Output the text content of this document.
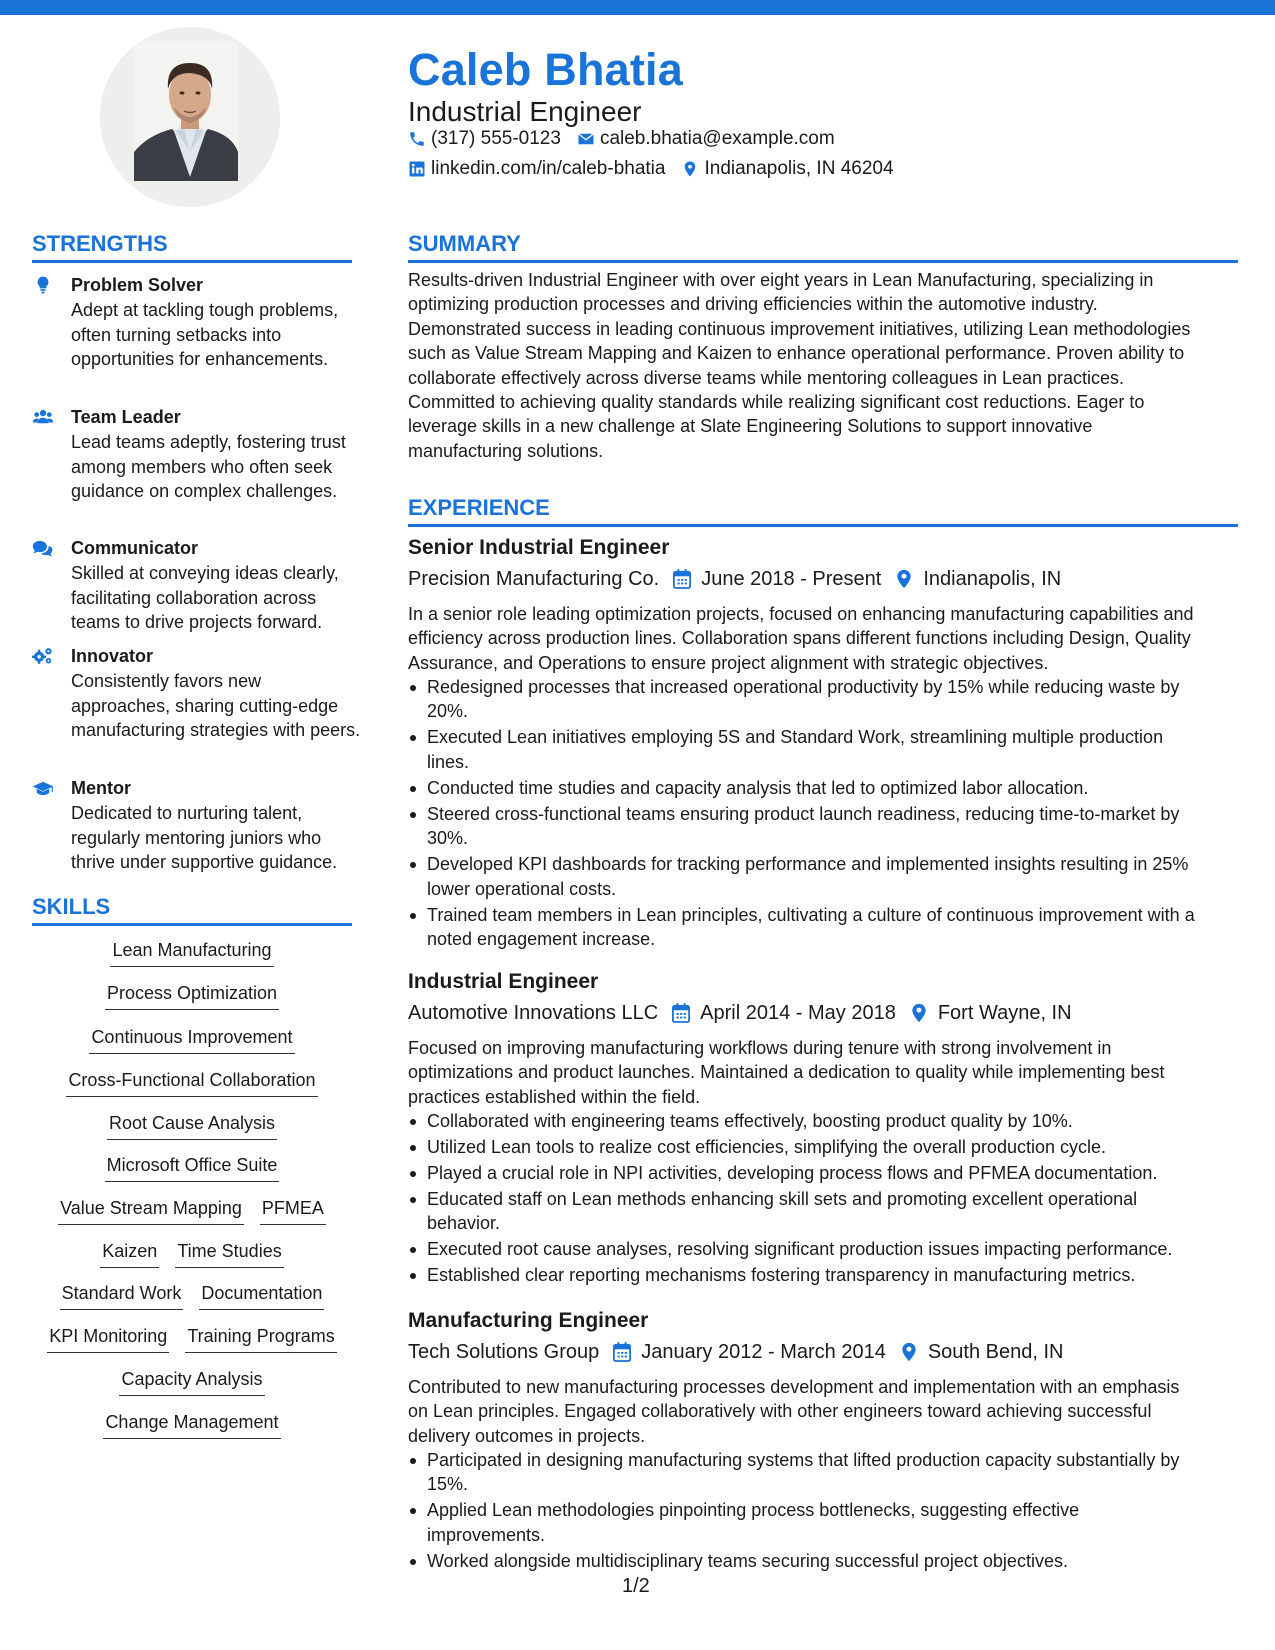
Caleb Bhatia
Industrial Engineer
(317) 555-0123 caleb.bhatia@example.com
linkedin.com/in/caleb-bhatia Indianapolis, IN 46204
STRENGTHS
Problem Solver
Adept at tackling tough problems, often turning setbacks into opportunities for enhancements.
Team Leader
Lead teams adeptly, fostering trust among members who often seek guidance on complex challenges.
Communicator
Skilled at conveying ideas clearly, facilitating collaboration across teams to drive projects forward.
Innovator
Consistently favors new approaches, sharing cutting-edge manufacturing strategies with peers.
Mentor
Dedicated to nurturing talent, regularly mentoring juniors who thrive under supportive guidance.
SKILLS
Lean Manufacturing
Process Optimization
Continuous Improvement
Cross-Functional Collaboration
Root Cause Analysis
Microsoft Office Suite
Value Stream Mapping PFMEA
Kaizen Time Studies
Standard Work Documentation
KPI Monitoring Training Programs
Capacity Analysis
Change Management
SUMMARY
Results-driven Industrial Engineer with over eight years in Lean Manufacturing, specializing in
optimizing production processes and driving efficiencies within the automotive industry.
Demonstrated success in leading continuous improvement initiatives, utilizing Lean methodologies
such as Value Stream Mapping and Kaizen to enhance operational performance. Proven ability to
collaborate effectively across diverse teams while mentoring colleagues in Lean practices.
Committed to achieving quality standards while realizing significant cost reductions. Eager to
leverage skills in a new challenge at Slate Engineering Solutions to support innovative
manufacturing solutions.
EXPERIENCE
Senior Industrial Engineer
Precision Manufacturing Co. June 2018 - Present Indianapolis, IN
In a senior role leading optimization projects, focused on enhancing manufacturing capabilities and
efficiency across production lines. Collaboration spans different functions including Design, Quality
Assurance, and Operations to ensure project alignment with strategic objectives.
Redesigned processes that increased operational productivity by 15% while reducing waste by
20%.
Executed Lean initiatives employing 5S and Standard Work, streamlining multiple production
lines.
Conducted time studies and capacity analysis that led to optimized labor allocation.
Steered cross-functional teams ensuring product launch readiness, reducing time-to-market by
30%.
Developed KPI dashboards for tracking performance and implemented insights resulting in 25%
lower operational costs.
Trained team members in Lean principles, cultivating a culture of continuous improvement with a
noted engagement increase.
Industrial Engineer
Automotive Innovations LLC April 2014 - May 2018 Fort Wayne, IN
Focused on improving manufacturing workflows during tenure with strong involvement in
optimizations and product launches. Maintained a dedication to quality while implementing best
practices established within the field.
Collaborated with engineering teams effectively, boosting product quality by 10%.
Utilized Lean tools to realize cost efficiencies, simplifying the overall production cycle.
Played a crucial role in NPI activities, developing process flows and PFMEA documentation.
Educated staff on Lean methods enhancing skill sets and promoting excellent operational
behavior.
Executed root cause analyses, resolving significant production issues impacting performance.
Established clear reporting mechanisms fostering transparency in manufacturing metrics.
Manufacturing Engineer
Tech Solutions Group January 2012 - March 2014 South Bend, IN
Contributed to new manufacturing processes development and implementation with an emphasis
on Lean principles. Engaged collaboratively with other engineers toward achieving successful
delivery outcomes in projects.
Participated in designing manufacturing systems that lifted production capacity substantially by
15%.
Applied Lean methodologies pinpointing process bottlenecks, suggesting effective
improvements.
Worked alongside multidisciplinary teams securing successful project objectives.
1/2
